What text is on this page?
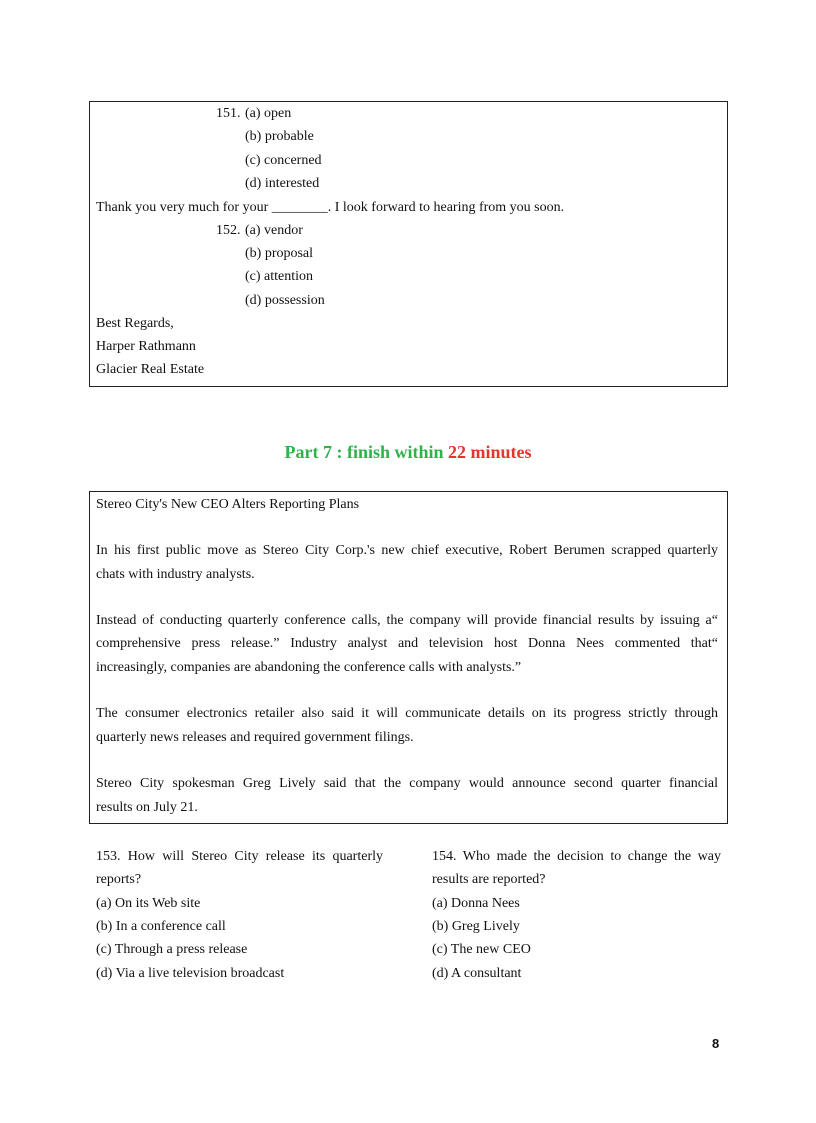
151. (a) open
(b) probable
(c) concerned
(d) interested
Thank you very much for your ________. I look forward to hearing from you soon.
152. (a) vendor
(b) proposal
(c) attention
(d) possession
Best Regards,
Harper Rathmann
Glacier Real Estate
Part 7 : finish within 22 minutes
Stereo City's New CEO Alters Reporting Plans
In his first public move as Stereo City Corp.'s new chief executive, Robert Berumen scrapped quarterly
chats with industry analysts.
Instead of conducting quarterly conference calls, the company will provide financial results by issuing a“
comprehensive press release.” Industry analyst and television host Donna Nees commented that“
increasingly, companies are abandoning the conference calls with analysts.”
The consumer electronics retailer also said it will communicate details on its progress strictly through
quarterly news releases and required government filings.
Stereo City spokesman Greg Lively said that the company would announce second quarter financial
results on July 21.
153. How will Stereo City release its quarterly
reports?
(a) On its Web site
(b) In a conference call
(c) Through a press release
(d) Via a live television broadcast
154. Who made the decision to change the way
results are reported?
(a) Donna Nees
(b) Greg Lively
(c) The new CEO
(d) A consultant
8
